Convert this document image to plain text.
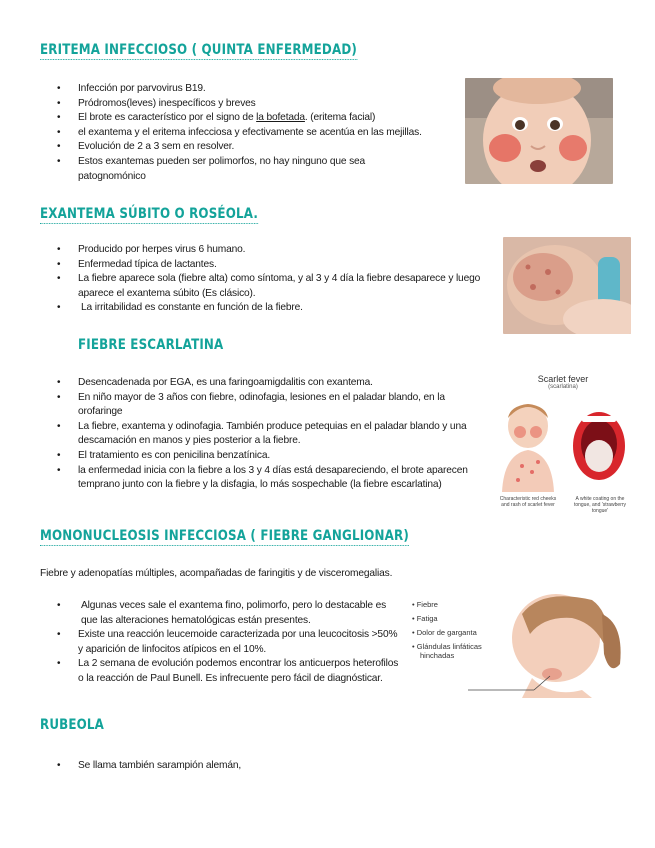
ERITEMA INFECCIOSO ( QUINTA ENFERMEDAD)
• Infección por parvovirus B19.
• Pródromos(leves) inespecíficos y breves
• El brote es característico por el signo de la bofetada. (eritema facial)
• el exantema y el eritema infecciosa y efectivamente se acentúa en las mejillas.
• Evolución de 2 a 3 sem en resolver.
• Estos exantemas pueden ser polimorfos, no hay ninguno que sea patognomónico
EXANTEMA SÚBITO O ROSÉOLA.
• Producido por herpes virus 6 humano.
• Enfermedad típica de lactantes.
• La fiebre aparece sola (fiebre alta) como síntoma, y al 3 y 4 día la fiebre desaparece y luego aparece el exantema súbito (Es clásico).
• La irritabilidad es constante en función de la fiebre.
FIEBRE ESCARLATINA
• Desencadenada por EGA, es una faringoamigdalitis con exantema.
• En niño mayor de 3 años con fiebre, odinofagia, lesiones en el paladar blando, en la orofaringe
• La fiebre, exantema y odinofagia. También produce petequias en el paladar blando y una descamación en manos y pies posterior a la fiebre.
• El tratamiento es con penicilina benzatínica.
• la enfermedad inicia con la fiebre a los 3 y 4 días está desapareciendo, el brote aparecen temprano junto con la fiebre y la disfagia, lo más sospechable (la fiebre escarlatina)
Scarlet fever
(scarlatina)
Characteristic red cheeks and rash of scarlet fever
A white coating on the tongue, and 'strawberry tongue'
MONONUCLEOSIS INFECCIOSA ( FIEBRE GANGLIONAR)

Fiebre y adenopatías múltiples, acompañadas de faringitis y de visceromegalias.

• Algunas veces sale el exantema fino, polimorfo, pero lo destacable es que las alteraciones hematológicas están presentes.
• Existe una reacción leucemoide caracterizada por una leucocitosis >50% y aparición de linfocitos atípicos en el 10%.
• La 2 semana de evolución podemos encontrar los anticuerpos heterofilos o la reacción de Paul Bunell. Es infrecuente pero fácil de diagnósticar.
• Fiebre
• Fatiga
• Dolor de garganta
• Glándulas linfáticas hinchadas
RUBEOLA
• Se llama también sarampión alemán,
